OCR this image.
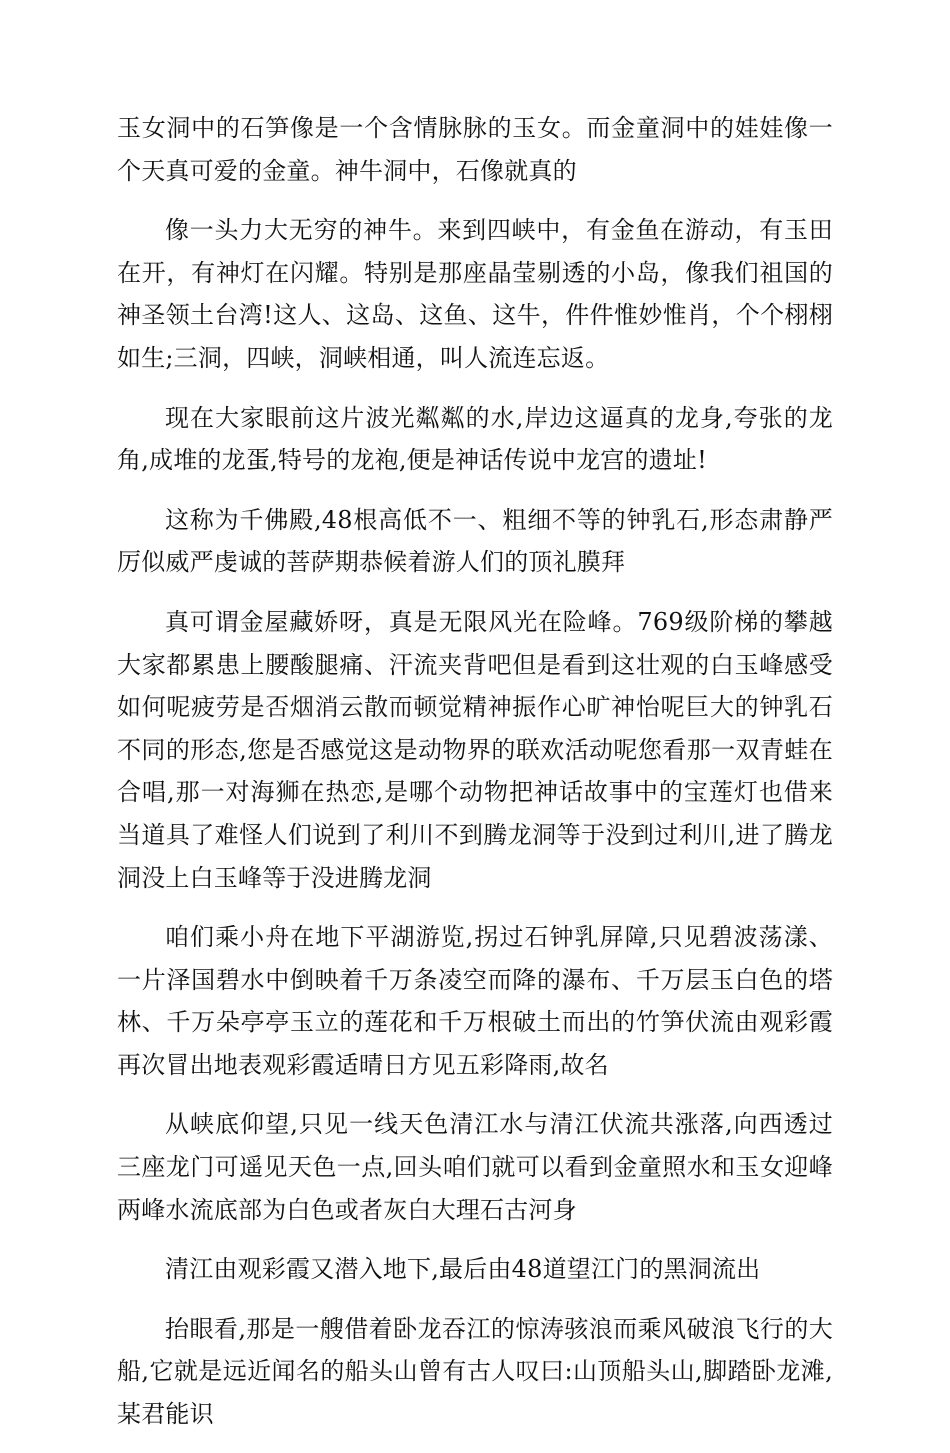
玉女洞中的石笋像是一个含情脉脉的玉女。而金童洞中的娃娃像一个天真可爱的金童。神牛洞中，石像就真的

像一头力大无穷的神牛。来到四峡中，有金鱼在游动，有玉田在开，有神灯在闪耀。特别是那座晶莹剔透的小岛，像我们祖国的神圣领土台湾!这人、这岛、这鱼、这牛，件件惟妙惟肖，个个栩栩如生;三洞，四峡，洞峡相通，叫人流连忘返。

现在大家眼前这片波光粼粼的水,岸边这逼真的龙身,夸张的龙角,成堆的龙蛋,特号的龙袍,便是神话传说中龙宫的遗址!

这称为千佛殿,48根高低不一、粗细不等的钟乳石,形态肃静严厉似威严虔诚的菩萨期恭候着游人们的顶礼膜拜

真可谓金屋藏娇呀，真是无限风光在险峰。769级阶梯的攀越大家都累患上腰酸腿痛、汗流夹背吧但是看到这壮观的白玉峰感受如何呢疲劳是否烟消云散而顿觉精神振作心旷神怡呢巨大的钟乳石不同的形态,您是否感觉这是动物界的联欢活动呢您看那一双青蛙在合唱,那一对海狮在热恋,是哪个动物把神话故事中的宝莲灯也借来当道具了难怪人们说到了利川不到腾龙洞等于没到过利川,进了腾龙洞没上白玉峰等于没进腾龙洞

咱们乘小舟在地下平湖游览,拐过石钟乳屏障,只见碧波荡漾、一片泽国碧水中倒映着千万条凌空而降的瀑布、千万层玉白色的塔林、千万朵亭亭玉立的莲花和千万根破土而出的竹笋伏流由观彩霞再次冒出地表观彩霞适晴日方见五彩降雨,故名

从峡底仰望,只见一线天色清江水与清江伏流共涨落,向西透过三座龙门可遥见天色一点,回头咱们就可以看到金童照水和玉女迎峰两峰水流底部为白色或者灰白大理石古河身

清江由观彩霞又潜入地下,最后由48道望江门的黑洞流出

抬眼看,那是一艘借着卧龙吞江的惊涛骇浪而乘风破浪飞行的大船,它就是远近闻名的船头山曾有古人叹曰:山顶船头山,脚踏卧龙滩,某君能识
